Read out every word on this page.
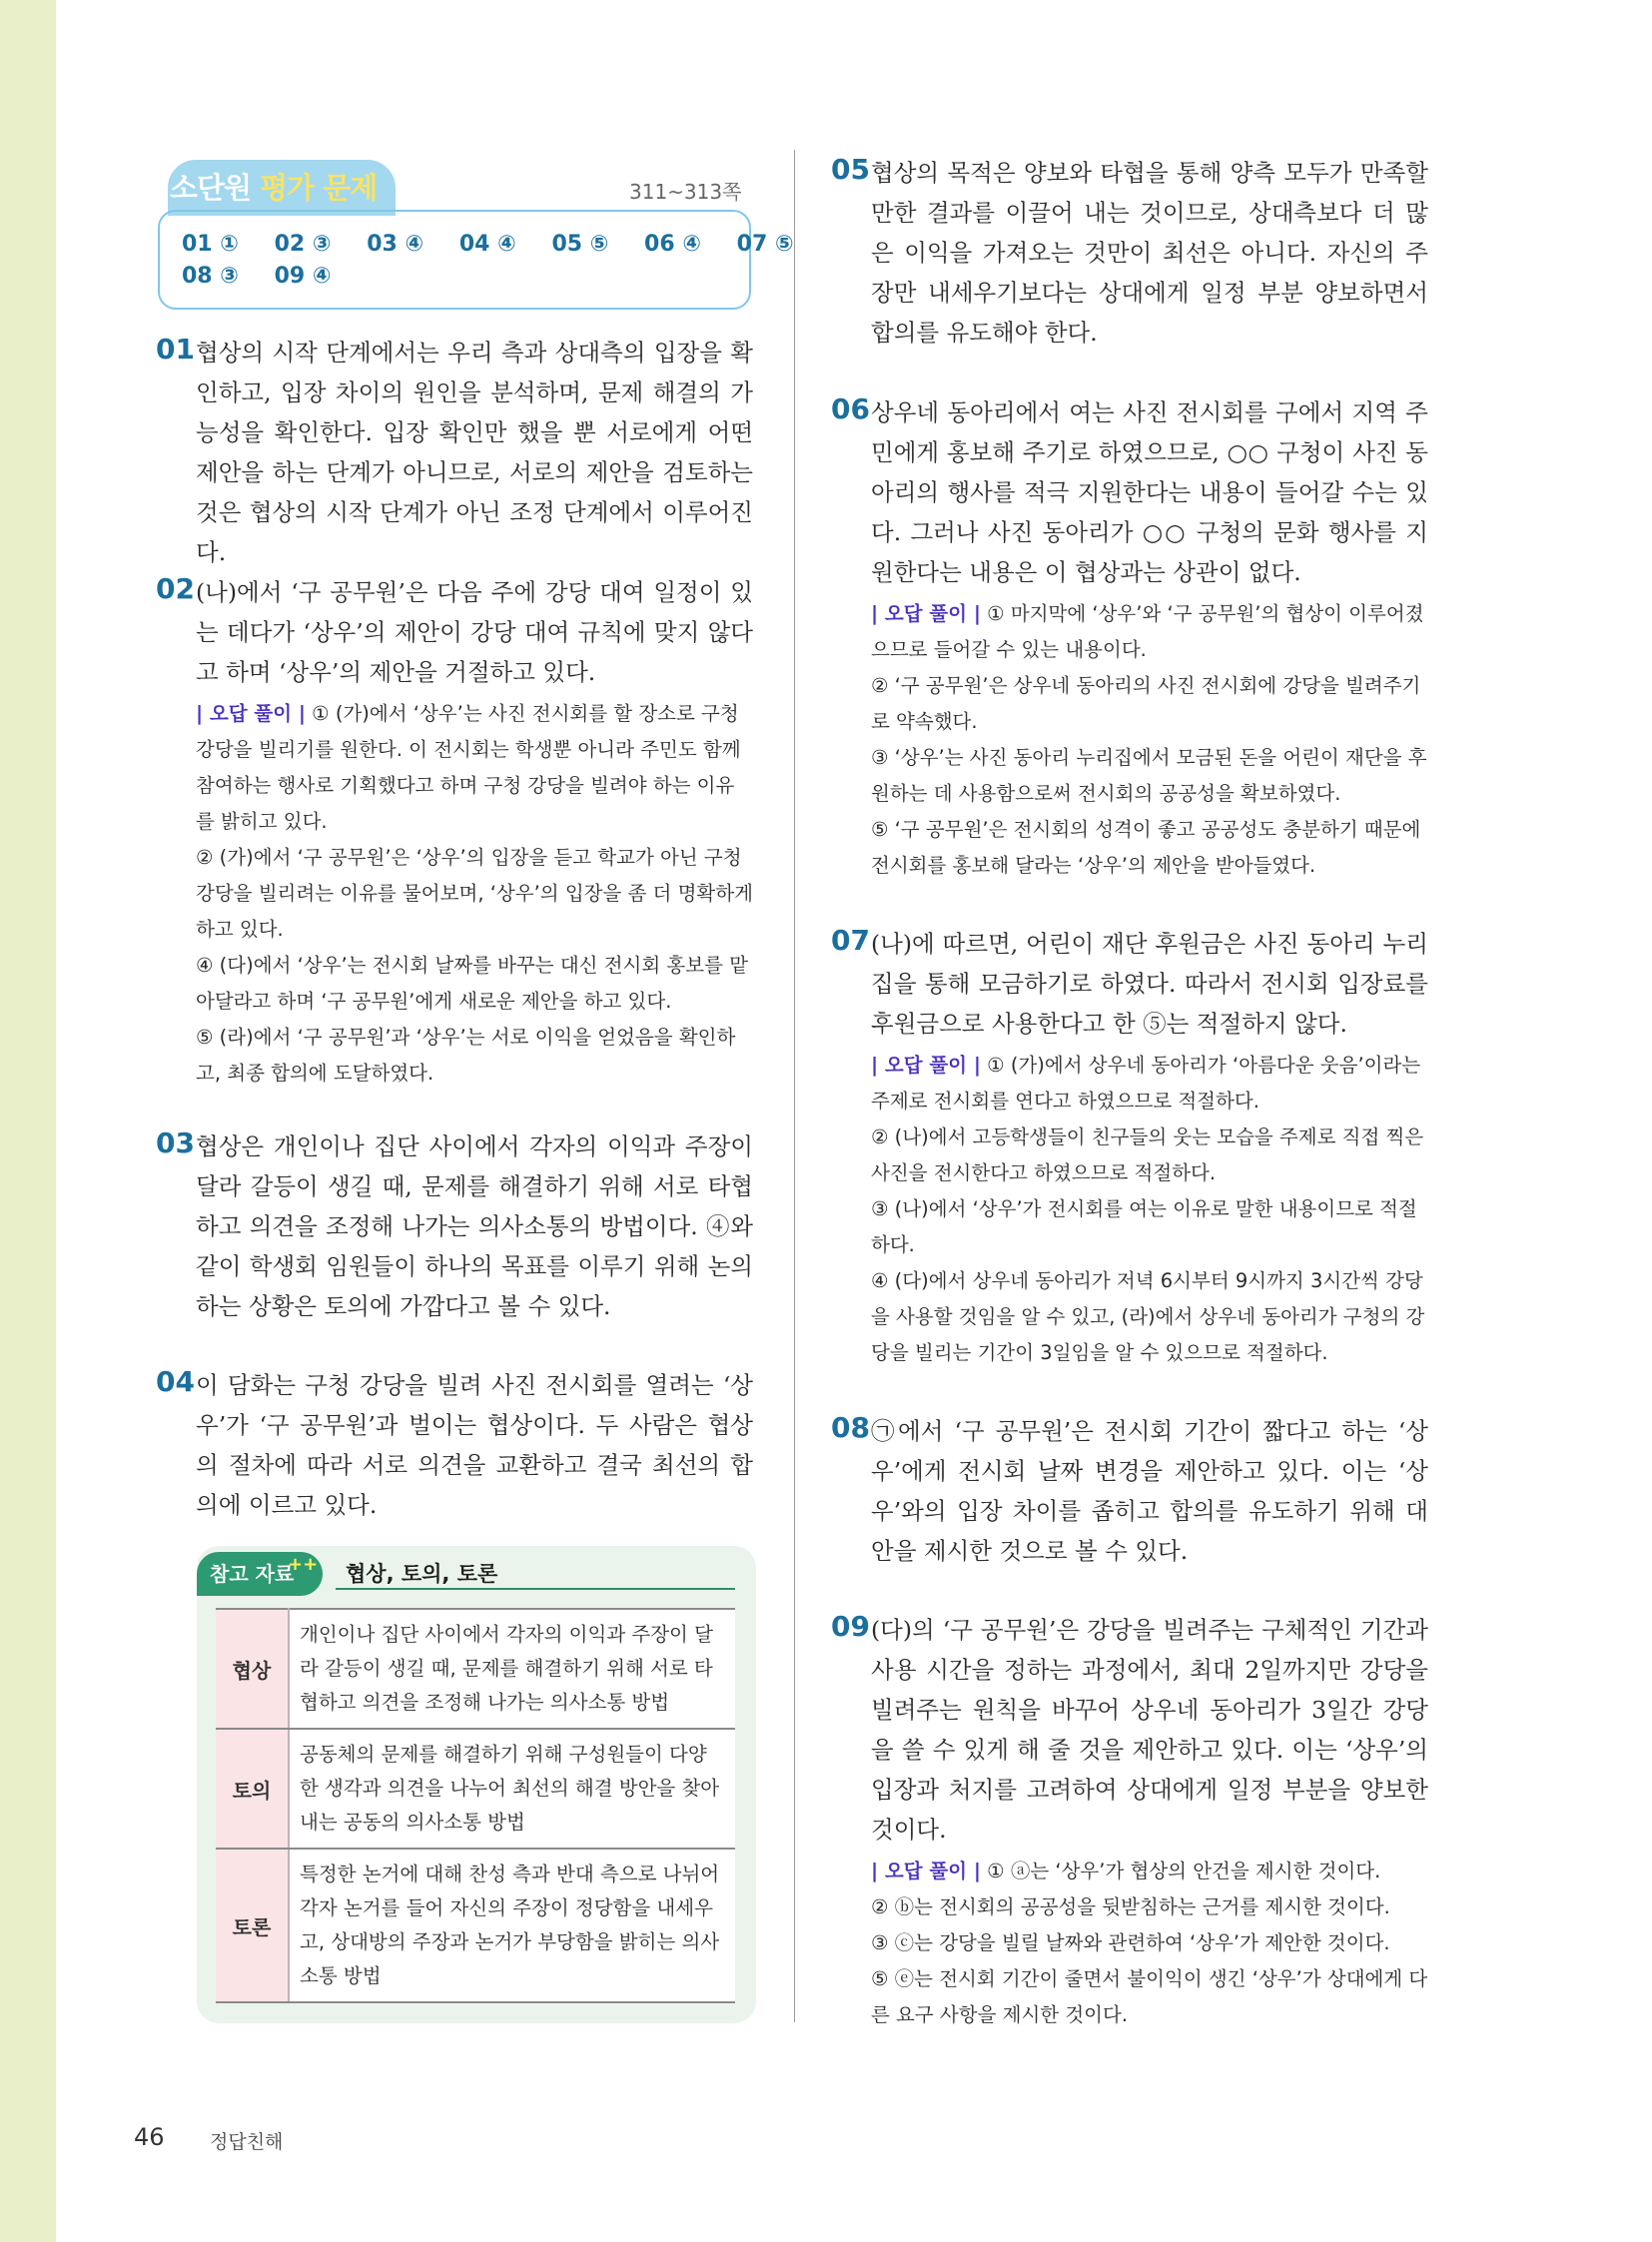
소단원 평가 문제	311~313쪽
01 ① 02 ③ 03 ④ 04 ④ 05 ⑤ 06 ④ 07 ⑤
08 ③ 09 ④
01 협상의 시작 단계에서는 우리 측과 상대측의 입장을 확인하고, 입장 차이의 원인을 분석하며, 문제 해결의 가능성을 확인한다. 입장 확인만 했을 뿐 서로에게 어떤 제안을 하는 단계가 아니므로, 서로의 제안을 검토하는 것은 협상의 시작 단계가 아닌 조정 단계에서 이루어진다.
02 (나)에서 ‘구 공무원’은 다음 주에 강당 대여 일정이 있는 데다가 ‘상우’의 제안이 강당 대여 규칙에 맞지 않다고 하며 ‘상우’의 제안을 거절하고 있다.
| 오답 풀이 | ① (가)에서 ‘상우’는 사진 전시회를 할 장소로 구청 강당을 빌리기를 원한다. 이 전시회는 학생뿐 아니라 주민도 함께 참여하는 행사로 기획했다고 하며 구청 강당을 빌려야 하는 이유를 밝히고 있다.
② (가)에서 ‘구 공무원’은 ‘상우’의 입장을 듣고 학교가 아닌 구청 강당을 빌리려는 이유를 물어보며, ‘상우’의 입장을 좀 더 명확하게 하고 있다.
④ (다)에서 ‘상우’는 전시회 날짜를 바꾸는 대신 전시회 홍보를 맡아달라고 하며 ‘구 공무원’에게 새로운 제안을 하고 있다.
⑤ (라)에서 ‘구 공무원’과 ‘상우’는 서로 이익을 얻었음을 확인하고, 최종 합의에 도달하였다.
03 협상은 개인이나 집단 사이에서 각자의 이익과 주장이 달라 갈등이 생길 때, 문제를 해결하기 위해 서로 타협하고 의견을 조정해 나가는 의사소통의 방법이다. ④와 같이 학생회 임원들이 하나의 목표를 이루기 위해 논의하는 상황은 토의에 가깝다고 볼 수 있다.
04 이 담화는 구청 강당을 빌려 사진 전시회를 열려는 ‘상우’가 ‘구 공무원’과 벌이는 협상이다. 두 사람은 협상의 절차에 따라 서로 의견을 교환하고 결국 최선의 합의에 이르고 있다.
참고 자료
++ 협상, 토의, 토론
협상	개인이나 집단 사이에서 각자의 이익과 주장이 달라 갈등이 생길 때, 문제를 해결하기 위해 서로 타협하고 의견을 조정해 나가는 의사소통 방법
토의	공동체의 문제를 해결하기 위해 구성원들이 다양한 생각과 의견을 나누어 최선의 해결 방안을 찾아내는 공동의 의사소통 방법
토론	특정한 논거에 대해 찬성 측과 반대 측으로 나뉘어 각자 논거를 들어 자신의 주장이 정당함을 내세우고, 상대방의 주장과 논거가 부당함을 밝히는 의사소통 방법
05 협상의 목적은 양보와 타협을 통해 양측 모두가 만족할 만한 결과를 이끌어 내는 것이므로, 상대측보다 더 많은 이익을 가져오는 것만이 최선은 아니다. 자신의 주장만 내세우기보다는 상대에게 일정 부분 양보하면서 합의를 유도해야 한다.
06 상우네 동아리에서 여는 사진 전시회를 구에서 지역 주민에게 홍보해 주기로 하였으므로, ○○ 구청이 사진 동아리의 행사를 적극 지원한다는 내용이 들어갈 수는 있다. 그러나 사진 동아리가 ○○ 구청의 문화 행사를 지원한다는 내용은 이 협상과는 상관이 없다.
| 오답 풀이 | ① 마지막에 ‘상우’와 ‘구 공무원’의 협상이 이루어졌으므로 들어갈 수 있는 내용이다.
② ‘구 공무원’은 상우네 동아리의 사진 전시회에 강당을 빌려주기로 약속했다.
③ ‘상우’는 사진 동아리 누리집에서 모금된 돈을 어린이 재단을 후원하는 데 사용함으로써 전시회의 공공성을 확보하였다.
⑤ ‘구 공무원’은 전시회의 성격이 좋고 공공성도 충분하기 때문에 전시회를 홍보해 달라는 ‘상우’의 제안을 받아들였다.
07 (나)에 따르면, 어린이 재단 후원금은 사진 동아리 누리집을 통해 모금하기로 하였다. 따라서 전시회 입장료를 후원금으로 사용한다고 한 ⑤는 적절하지 않다.
| 오답 풀이 | ① (가)에서 상우네 동아리가 ‘아름다운 웃음’이라는 주제로 전시회를 연다고 하였으므로 적절하다.
② (나)에서 고등학생들이 친구들의 웃는 모습을 주제로 직접 찍은 사진을 전시한다고 하였으므로 적절하다.
③ (나)에서 ‘상우’가 전시회를 여는 이유로 말한 내용이므로 적절하다.
④ (다)에서 상우네 동아리가 저녁 6시부터 9시까지 3시간씩 강당을 사용할 것임을 알 수 있고, (라)에서 상우네 동아리가 구청의 강당을 빌리는 기간이 3일임을 알 수 있으므로 적절하다.
08 ㉠에서 ‘구 공무원’은 전시회 기간이 짧다고 하는 ‘상우’에게 전시회 날짜 변경을 제안하고 있다. 이는 ‘상우’와의 입장 차이를 좁히고 합의를 유도하기 위해 대안을 제시한 것으로 볼 수 있다.
09 (다)의 ‘구 공무원’은 강당을 빌려주는 구체적인 기간과 사용 시간을 정하는 과정에서, 최대 2일까지만 강당을 빌려주는 원칙을 바꾸어 상우네 동아리가 3일간 강당을 쓸 수 있게 해 줄 것을 제안하고 있다. 이는 ‘상우’의 입장과 처지를 고려하여 상대에게 일정 부분을 양보한 것이다.
| 오답 풀이 | ① ⓐ는 ‘상우’가 협상의 안건을 제시한 것이다.
② ⓑ는 전시회의 공공성을 뒷받침하는 근거를 제시한 것이다.
③ ⓒ는 강당을 빌릴 날짜와 관련하여 ‘상우’가 제안한 것이다.
⑤ ⓔ는 전시회 기간이 줄면서 불이익이 생긴 ‘상우’가 상대에게 다른 요구 사항을 제시한 것이다.
46 정답친해
